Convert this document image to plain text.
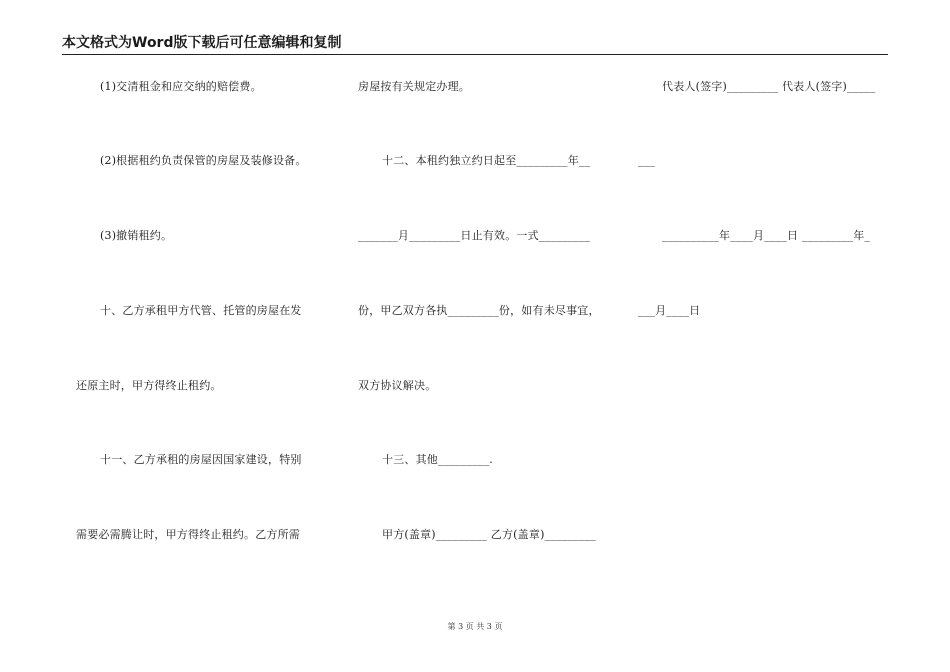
本文格式为Word版下载后可任意编辑和复制
(1)交清租金和应交纳的赔偿费。
(2)根据租约负责保管的房屋及装修设备。
(3)撤销租约。
十、乙方承租甲方代管、托管的房屋在发
还原主时，甲方得终止租约。
十一、乙方承租的房屋因国家建设，特别
需要必需腾让时，甲方得终止租约。乙方所需
房屋按有关规定办理。
十二、本租约独立约日起至_________年__
_______月_________日止有效。一式_________
份，甲乙双方各执_________份，如有未尽事宜，
双方协议解决。
十三、其他_________.
甲方(盖章)_________ 乙方(盖章)_________
代表人(签字)_________ 代表人(签字)_____
___
__________年____月____日 _________年_
___月____日
第 3 页 共 3 页
